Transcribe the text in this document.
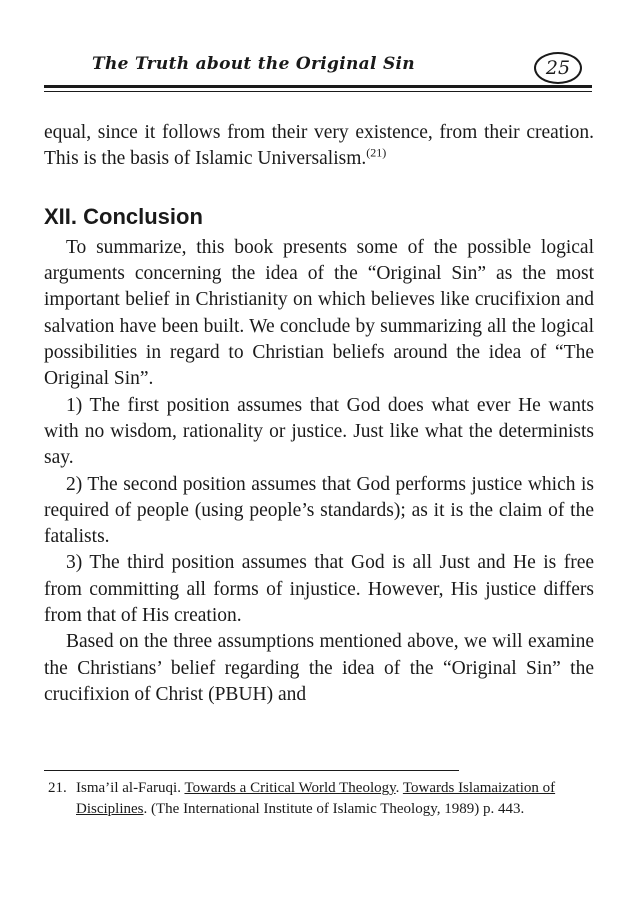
The Truth about the Original Sin	25

equal, since it follows from their very existence, from their creation. This is the basis of Islamic Universalism.$^{(21)}$

XII. Conclusion

To summarize, this book presents some of the possible logical arguments concerning the idea of the “Original Sin” as the most important belief in Christianity on which believes like crucifixion and salvation have been built. We conclude by summarizing all the logical possibilities in regard to Christian beliefs around the idea of “The Original Sin”.

1) The first position assumes that God does what ever He wants with no wisdom, rationality or justice. Just like what the determinists say.

2) The second position assumes that God performs justice which is required of people (using people’s standards); as it is the claim of the fatalists.

3) The third position assumes that God is all Just and He is free from committing all forms of injustice. However, His justice differs from that of His creation.

Based on the three assumptions mentioned above, we will examine the Christians’ belief regarding the idea of the “Original Sin” the crucifixion of Christ (PBUH) and

21. Isma’il al-Faruqi. Towards a Critical World Theology. Towards Islamaization of Disciplines. (The International Institute of Islamic Theology, 1989) p. 443.
